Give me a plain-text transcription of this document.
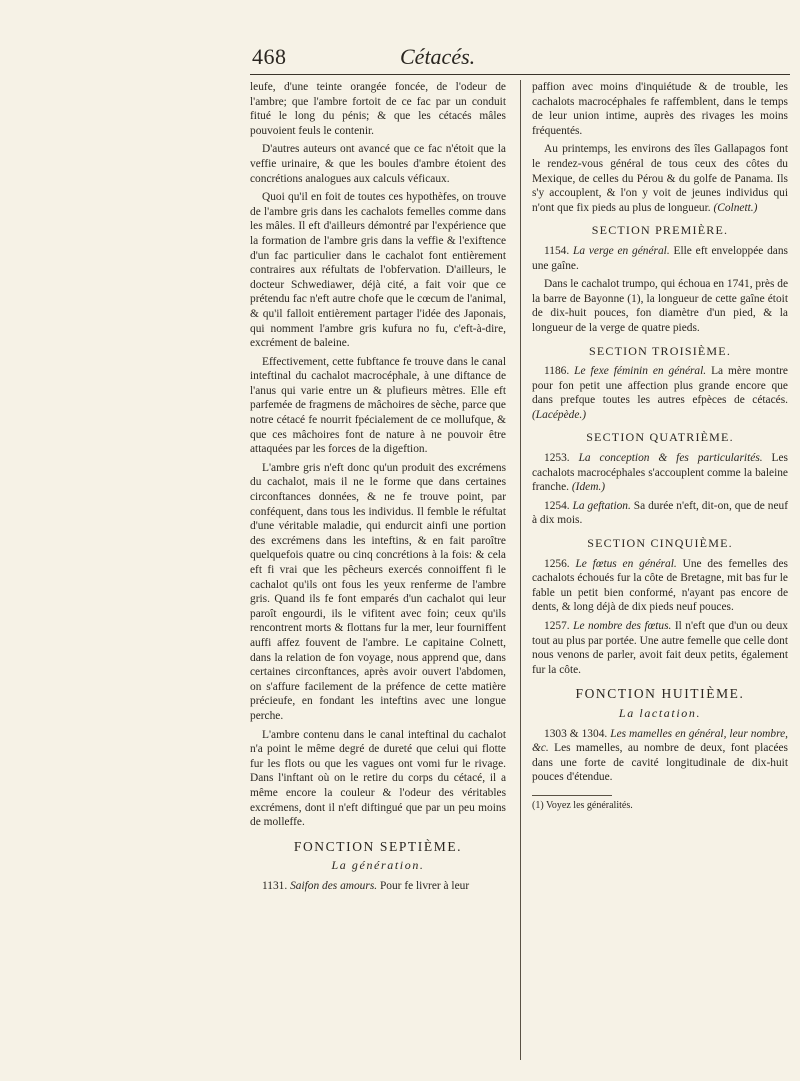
468	Cétacés.

leufe, d'une teinte orangée foncée, de l'odeur de l'ambre; que l'ambre fortoit de ce fac par un conduit fitué le long du pénis; & que les cétacés mâles pouvoient feuls le contenir.

D'autres auteurs ont avancé que ce fac n'étoit que la veffie urinaire, & que les boules d'ambre étoient des concrétions analogues aux calculs véficaux.

Quoi qu'il en foit de toutes ces hypothèfes, on trouve de l'ambre gris dans les cachalots femelles comme dans les mâles. Il eft d'ailleurs démontré par l'expérience que la formation de l'ambre gris dans la veffie & l'exiftence d'un fac particulier dans le cachalot font entièrement contraires aux réfultats de l'obfervation. D'ailleurs, le docteur Schwediawer, déjà cité, a fait voir que ce prétendu fac n'eft autre chofe que le cœcum de l'animal, & qu'il falloit entièrement partager l'idée des Japonais, qui nomment l'ambre gris kufura no fu, c'eft-à-dire, excrément de baleine.

Effectivement, cette fubftance fe trouve dans le canal inteftinal du cachalot macrocéphale, à une diftance de l'anus qui varie entre un & plufieurs mètres. Elle eft parfemée de fragmens de mâchoires de sèche, parce que notre cétacé fe nourrit fpécialement de ce mollufque, & que ces mâchoires font de nature à ne pouvoir être attaquées par les forces de la digeftion.

L'ambre gris n'eft donc qu'un produit des excrémens du cachalot, mais il ne le forme que dans certaines circonftances données, & ne fe trouve point, par conféquent, dans tous les individus. Il femble le réfultat d'une véritable maladie, qui endurcit ainfi une portion des excrémens dans les inteftins, & en fait paroître quelquefois quatre ou cinq concrétions à la fois: & cela eft fi vrai que les pêcheurs exercés connoiffent fi le cachalot qu'ils ont fous les yeux renferme de l'ambre gris. Quand ils fe font emparés d'un cachalot qui leur paroît engourdi, ils le vifitent avec foin; ceux qu'ils rencontrent morts & flottans fur la mer, leur fourniffent auffi affez fouvent de l'ambre. Le capitaine Colnett, dans la relation de fon voyage, nous apprend que, dans certaines circonftances, après avoir ouvert l'abdomen, on s'affure facilement de la préfence de cette matière précieufe, en fondant les inteftins avec une longue perche.

L'ambre contenu dans le canal inteftinal du cachalot n'a point le même degré de dureté que celui qui flotte fur les flots ou que les vagues ont vomi fur le rivage. Dans l'inftant où on le retire du corps du cétacé, il a même encore la couleur & l'odeur des véritables excrémens, dont il n'eft diftingué que par un peu moins de molleffe.

FONCTION SEPTIÈME.
La génération.

1131. Saifon des amours. Pour fe livrer à leur

paffion avec moins d'inquiétude & de trouble, les cachalots macrocéphales fe raffemblent, dans le temps de leur union intime, auprès des rivages les moins fréquentés.

Au printemps, les environs des îles Gallapagos font le rendez-vous général de tous ceux des côtes du Mexique, de celles du Pérou & du golfe de Panama. Ils s'y accouplent, & l'on y voit de jeunes individus qui n'ont que fix pieds au plus de longueur. (Colnett.)

SECTION PREMIÈRE.

1154. La verge en général. Elle eft enveloppée dans une gaîne.

Dans le cachalot trumpo, qui échoua en 1741, près de la barre de Bayonne (1), la longueur de cette gaîne étoit de dix-huit pouces, fon diamètre d'un pied, & la longueur de la verge de quatre pieds.

SECTION TROISIÈME.

1186. Le fexe féminin en général. La mère montre pour fon petit une affection plus grande encore que dans prefque toutes les autres efpèces de cétacés. (Lacépède.)

SECTION QUATRIÈME.

1253. La conception & fes particularités. Les cachalots macrocéphales s'accouplent comme la baleine franche. (Idem.)

1254. La geftation. Sa durée n'eft, dit-on, que de neuf à dix mois.

SECTION CINQUIÈME.

1256. Le fœtus en général. Une des femelles des cachalots échoués fur la côte de Bretagne, mit bas fur le fable un petit bien conformé, n'ayant pas encore de dents, & long déjà de dix pieds neuf pouces.

1257. Le nombre des fœtus. Il n'eft que d'un ou deux tout au plus par portée. Une autre femelle que celle dont nous venons de parler, avoit fait deux petits, également fur la côte.

FONCTION HUITIÈME.
La lactation.

1303 & 1304. Les mamelles en général, leur nombre, &c. Les mamelles, au nombre de deux, font placées dans une forte de cavité longitudinale de dix-huit pouces d'étendue.

(1) Voyez les généralités.
